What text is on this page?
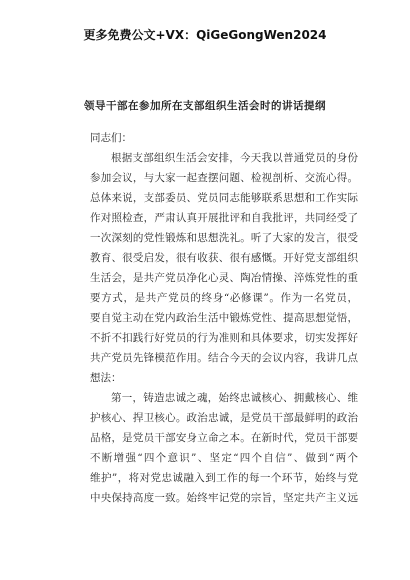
更多免费公文+VX：QiGeGongWen2024
领导干部在参加所在支部组织生活会时的讲话提纲
同志们：
根据支部组织生活会安排，今天我以普通党员的身份
参加会议，与大家一起查摆问题、检视剖析、交流心得。
总体来说，支部委员、党员同志能够联系思想和工作实际
作对照检查，严肃认真开展批评和自我批评，共同经受了
一次深刻的党性锻炼和思想洗礼。听了大家的发言，很受
教育、很受启发，很有收获、很有感慨。开好党支部组织
生活会，是共产党员净化心灵、陶冶情操、淬炼党性的重
要方式，是共产党员的终身“必修课”。作为一名党员，
要自觉主动在党内政治生活中锻炼党性、提高思想觉悟，
不折不扣践行好党员的行为准则和具体要求，切实发挥好
共产党员先锋模范作用。结合今天的会议内容，我讲几点
想法：
第一，铸造忠诚之魂，始终忠诚核心、拥戴核心、维
护核心、捍卫核心。政治忠诚，是党员干部最鲜明的政治
品格，是党员干部安身立命之本。在新时代，党员干部要
不断增强“四个意识”、坚定“四个自信”、做到“两个
维护”，将对党忠诚融入到工作的每一个环节，始终与党
中央保持高度一致。始终牢记党的宗旨，坚定共产主义远
